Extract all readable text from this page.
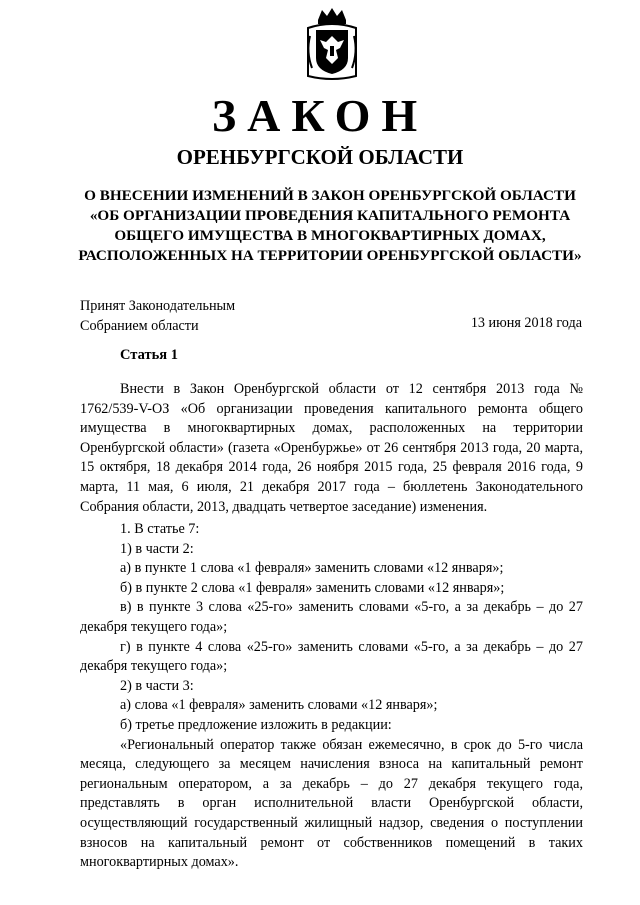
ЗАКОН
ОРЕНБУРГСКОЙ ОБЛАСТИ
О ВНЕСЕНИИ ИЗМЕНЕНИЙ В ЗАКОН ОРЕНБУРГСКОЙ ОБЛАСТИ
«ОБ ОРГАНИЗАЦИИ ПРОВЕДЕНИЯ КАПИТАЛЬНОГО РЕМОНТА
ОБЩЕГО ИМУЩЕСТВА В МНОГОКВАРТИРНЫХ ДОМАХ,
РАСПОЛОЖЕННЫХ НА ТЕРРИТОРИИ ОРЕНБУРГСКОЙ ОБЛАСТИ»
Принят Законодательным
Собранием области	13 июня 2018 года
Статья 1
Внести в Закон Оренбургской области от 12 сентября 2013 года № 1762/539-V-ОЗ «Об организации проведения капитального ремонта общего имущества в многоквартирных домах, расположенных на территории Оренбургской области» (газета «Оренбуржье» от 26 сентября 2013 года, 20 марта, 15 октября, 18 декабря 2014 года, 26 ноября 2015 года, 25 февраля 2016 года, 9 марта, 11 мая, 6 июля, 21 декабря 2017 года – бюллетень Законодательного Собрания области, 2013, двадцать четвертое заседание) изменения.

1. В статье 7:

1) в части 2:

а) в пункте 1 слова «1 февраля» заменить словами «12 января»;

б) в пункте 2 слова «1 февраля» заменить словами «12 января»;

в) в пункте 3 слова «25-го» заменить словами «5-го, а за декабрь – до 27 декабря текущего года»;

г) в пункте 4 слова «25-го» заменить словами «5-го, а за декабрь – до 27 декабря текущего года»;

2) в части 3:

а) слова «1 февраля» заменить словами «12 января»;

б) третье предложение изложить в редакции:

«Региональный оператор также обязан ежемесячно, в срок до 5-го числа месяца, следующего за месяцем начисления взноса на капитальный ремонт региональным оператором, а за декабрь – до 27 декабря текущего года, представлять в орган исполнительной власти Оренбургской области, осуществляющий государственный жилищный надзор, сведения о поступлении взносов на капитальный ремонт от собственников помещений в таких многоквартирных домах».
